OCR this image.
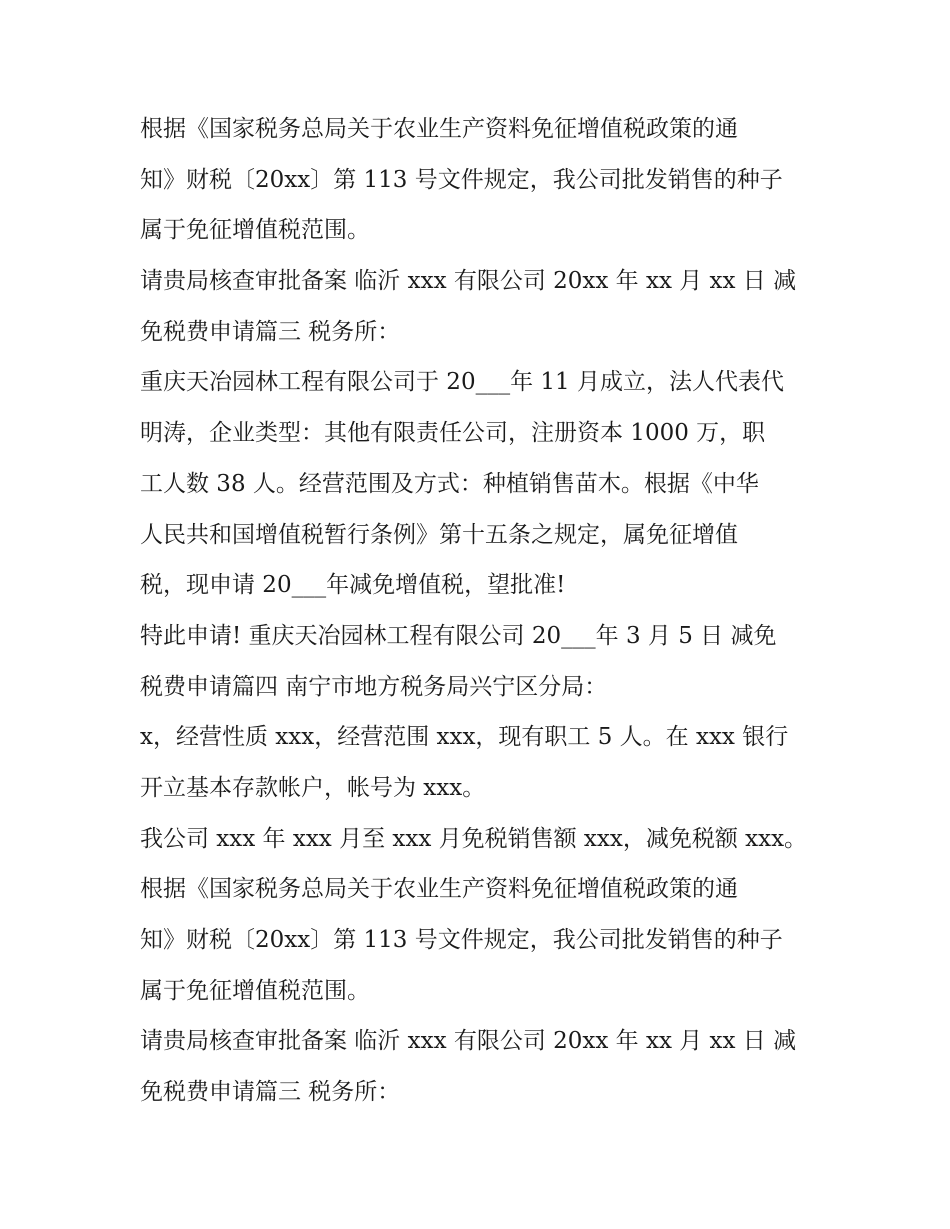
根据《国家税务总局关于农业生产资料免征增值税政策的通
知》财税〔20xx〕第 113 号文件规定，我公司批发销售的种子
属于免征增值税范围。
请贵局核查审批备案 临沂 xxx 有限公司 20xx 年 xx 月 xx 日 减
免税费申请篇三 税务所：
重庆天冶园林工程有限公司于 20___年 11 月成立，法人代表代
明涛，企业类型：其他有限责任公司，注册资本 1000 万，职
工人数 38 人。经营范围及方式：种植销售苗木。根据《中华
人民共和国增值税暂行条例》第十五条之规定，属免征增值
税，现申请 20___年减免增值税，望批准!
特此申请! 重庆天冶园林工程有限公司 20___年 3 月 5 日 减免
税费申请篇四 南宁市地方税务局兴宁区分局：
x，经营性质 xxx，经营范围 xxx，现有职工 5 人。在 xxx 银行
开立基本存款帐户，帐号为 xxx。
我公司 xxx 年 xxx 月至 xxx 月免税销售额 xxx，减免税额 xxx。
根据《国家税务总局关于农业生产资料免征增值税政策的通
知》财税〔20xx〕第 113 号文件规定，我公司批发销售的种子
属于免征增值税范围。
请贵局核查审批备案 临沂 xxx 有限公司 20xx 年 xx 月 xx 日 减
免税费申请篇三 税务所：
